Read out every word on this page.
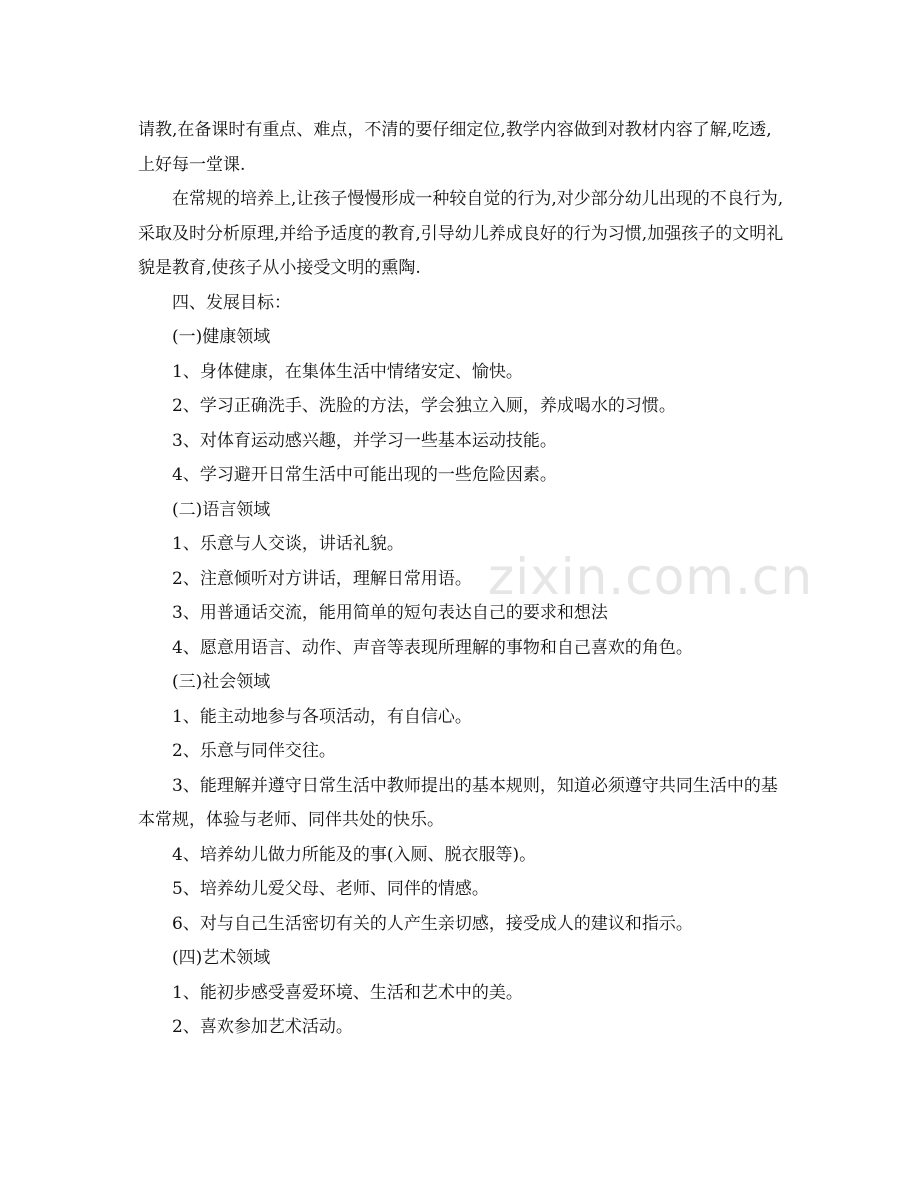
zixin.com.cn

请教,在备课时有重点、难点，不清的要仔细定位,教学内容做到对教材内容了解,吃透,上好每一堂课.

在常规的培养上,让孩子慢慢形成一种较自觉的行为,对少部分幼儿出现的不良行为,采取及时分析原理,并给予适度的教育,引导幼儿养成良好的行为习惯,加强孩子的文明礼貌是教育,使孩子从小接受文明的熏陶.

四、发展目标：

(一)健康领域

1、身体健康，在集体生活中情绪安定、愉快。

2、学习正确洗手、洗脸的方法，学会独立入厕，养成喝水的习惯。

3、对体育运动感兴趣，并学习一些基本运动技能。

4、学习避开日常生活中可能出现的一些危险因素。

(二)语言领域

1、乐意与人交谈，讲话礼貌。

2、注意倾听对方讲话，理解日常用语。

3、用普通话交流，能用简单的短句表达自己的要求和想法

4、愿意用语言、动作、声音等表现所理解的事物和自己喜欢的角色。

(三)社会领域

1、能主动地参与各项活动，有自信心。

2、乐意与同伴交往。

3、能理解并遵守日常生活中教师提出的基本规则，知道必须遵守共同生活中的基本常规，体验与老师、同伴共处的快乐。

4、培养幼儿做力所能及的事(入厕、脱衣服等)。

5、培养幼儿爱父母、老师、同伴的情感。

6、对与自己生活密切有关的人产生亲切感，接受成人的建议和指示。

(四)艺术领域

1、能初步感受喜爱环境、生活和艺术中的美。

2、喜欢参加艺术活动。
